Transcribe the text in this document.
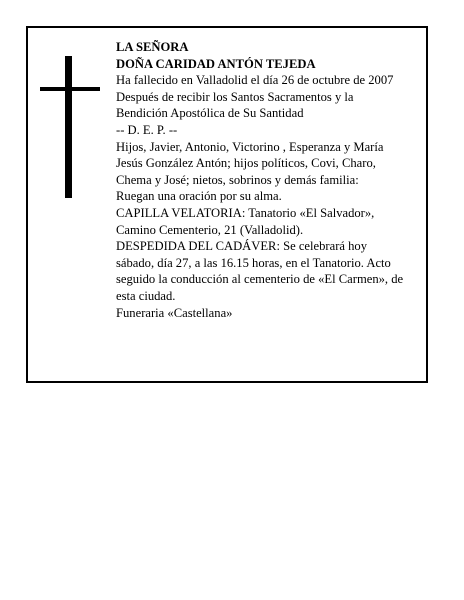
LA SEÑORA
DOÑA CARIDAD ANTÓN TEJEDA
Ha fallecido en Valladolid el día 26 de octubre de 2007
Después de recibir los Santos Sacramentos y la
Bendición Apostólica de Su Santidad
-- D. E. P. --
Hijos, Javier, Antonio, Victorino , Esperanza y María
Jesús González Antón; hijos políticos, Covi, Charo,
Chema y José; nietos, sobrinos y demás familia:
Ruegan una oración por su alma.
CAPILLA VELATORIA: Tanatorio «El Salvador»,
Camino Cementerio, 21 (Valladolid).
DESPEDIDA DEL CADÁVER: Se celebrará hoy
sábado, día 27, a las 16.15 horas, en el Tanatorio. Acto
seguido la conducción al cementerio de «El Carmen», de
esta ciudad.
Funeraria «Castellana»
